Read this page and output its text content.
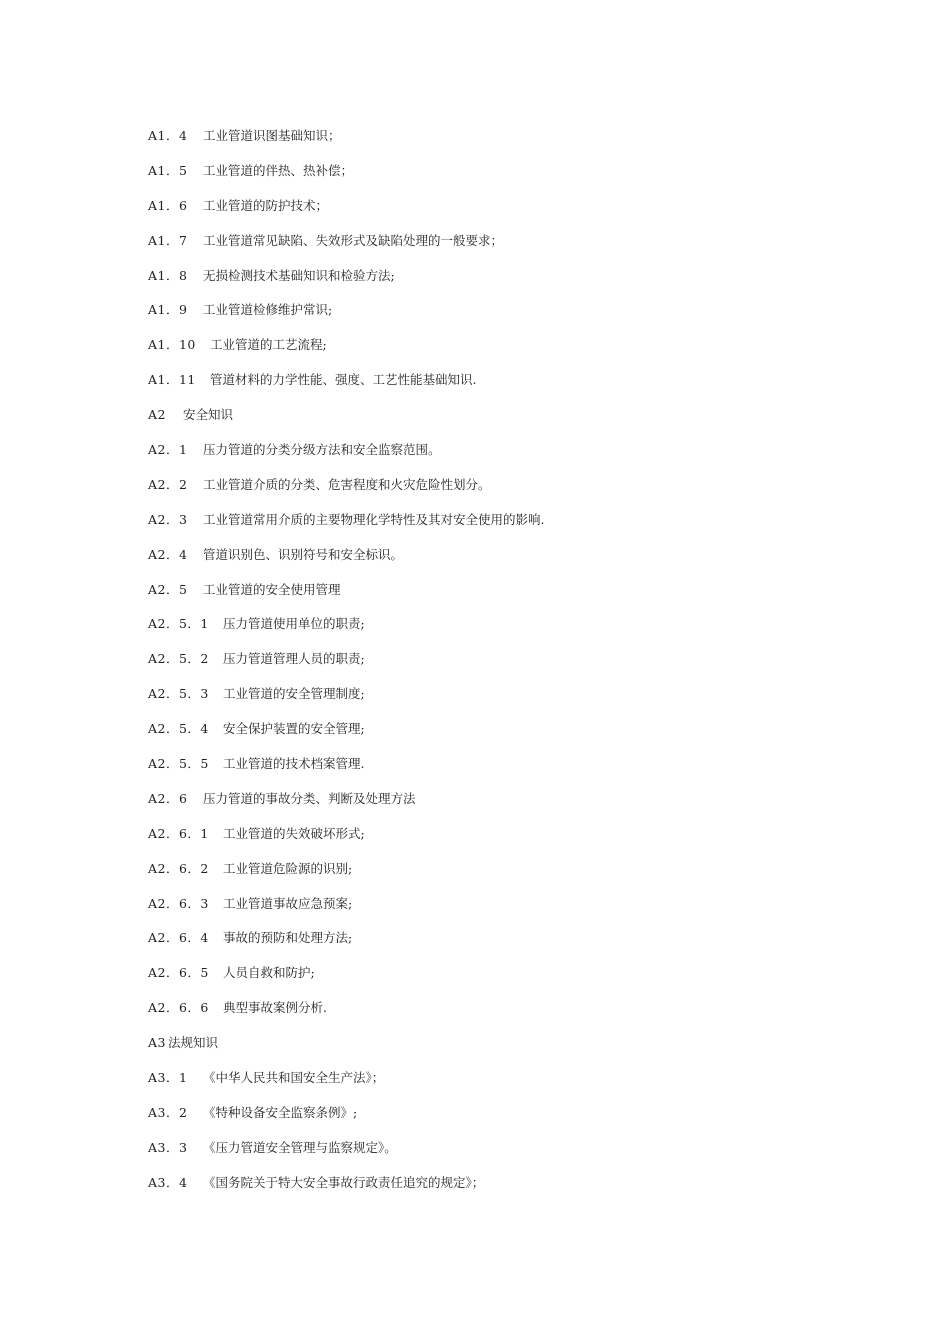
A1．4	工业管道识图基础知识；
A1．5	工业管道的伴热、热补偿；
A1．6	工业管道的防护技术；
A1．7	工业管道常见缺陷、失效形式及缺陷处理的一般要求；
A1．8	无损检测技术基础知识和检验方法;
A1．9	工业管道检修维护常识;
A1．10	工业管道的工艺流程;
A1．11	管道材料的力学性能、强度、工艺性能基础知识.
A2	安全知识
A2．1	压力管道的分类分级方法和安全监察范围。
A2．2	工业管道介质的分类、危害程度和火灾危险性划分。
A2．3	工业管道常用介质的主要物理化学特性及其对安全使用的影响.
A2．4	管道识别色、识别符号和安全标识。
A2．5	工业管道的安全使用管理
A2．5．1	压力管道使用单位的职责;
A2．5．2	压力管道管理人员的职责;
A2．5．3	工业管道的安全管理制度;
A2．5．4	安全保护装置的安全管理;
A2．5．5	工业管道的技术档案管理.
A2．6	压力管道的事故分类、判断及处理方法
A2．6．1	工业管道的失效破坏形式;
A2．6．2	工业管道危险源的识别;
A2．6．3	工业管道事故应急预案;
A2．6．4	事故的预防和处理方法;
A2．6．5	人员自救和防护;
A2．6．6	典型事故案例分析.
A3 法规知识
A3．1	《中华人民共和国安全生产法》；
A3．2	《特种设备安全监察条例》;
A3．3	《压力管道安全管理与监察规定》。
A3．4	《国务院关于特大安全事故行政责任追究的规定》；
